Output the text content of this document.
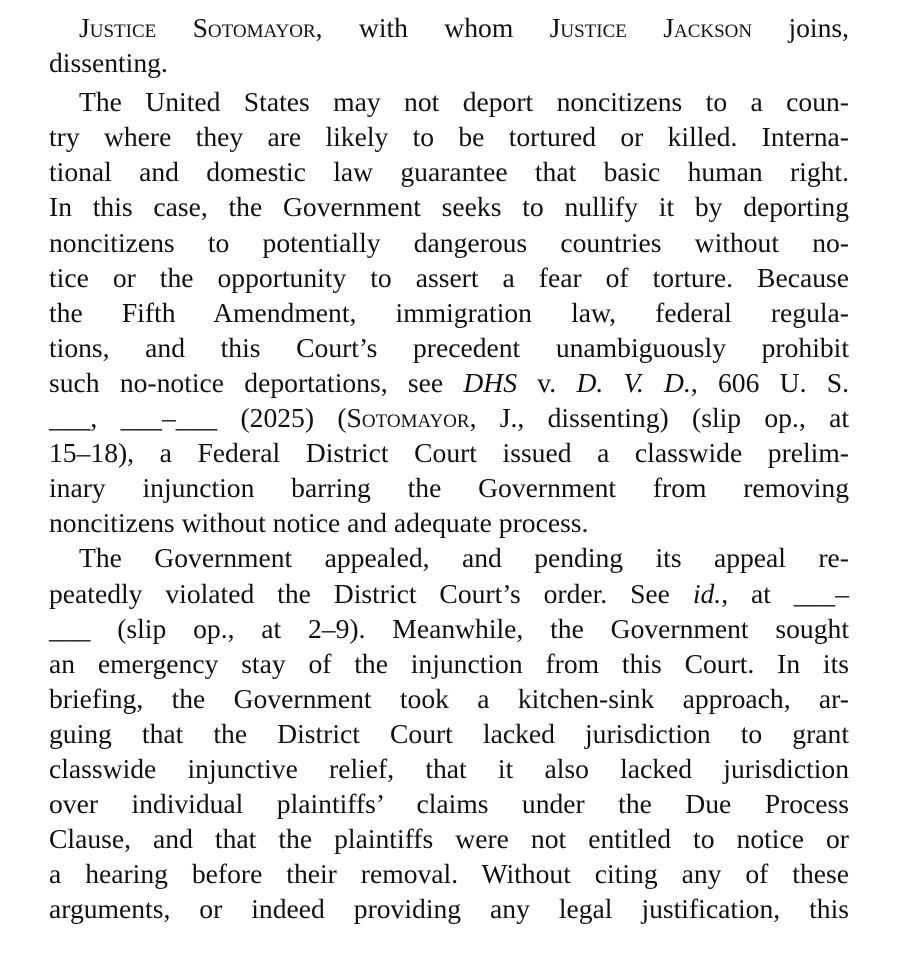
Justice Sotomayor, with whom Justice Jackson joins,
dissenting.
The United States may not deport noncitizens to a coun-
try where they are likely to be tortured or killed. Interna-
tional and domestic law guarantee that basic human right.
In this case, the Government seeks to nullify it by deporting
noncitizens to potentially dangerous countries without no-
tice or the opportunity to assert a fear of torture. Because
the Fifth Amendment, immigration law, federal regula-
tions, and this Court’s precedent unambiguously prohibit
such no-notice deportations, see DHS v. D. V. D., 606 U. S.
___, ___–___ (2025) (Sotomayor, J., dissenting) (slip op., at
15–18), a Federal District Court issued a classwide prelim-
inary injunction barring the Government from removing
noncitizens without notice and adequate process.
The Government appealed, and pending its appeal re-
peatedly violated the District Court’s order. See id., at ___–
___ (slip op., at 2–9). Meanwhile, the Government sought
an emergency stay of the injunction from this Court. In its
briefing, the Government took a kitchen-sink approach, ar-
guing that the District Court lacked jurisdiction to grant
classwide injunctive relief, that it also lacked jurisdiction
over individual plaintiffs’ claims under the Due Process
Clause, and that the plaintiffs were not entitled to notice or
a hearing before their removal. Without citing any of these
arguments, or indeed providing any legal justification, this
